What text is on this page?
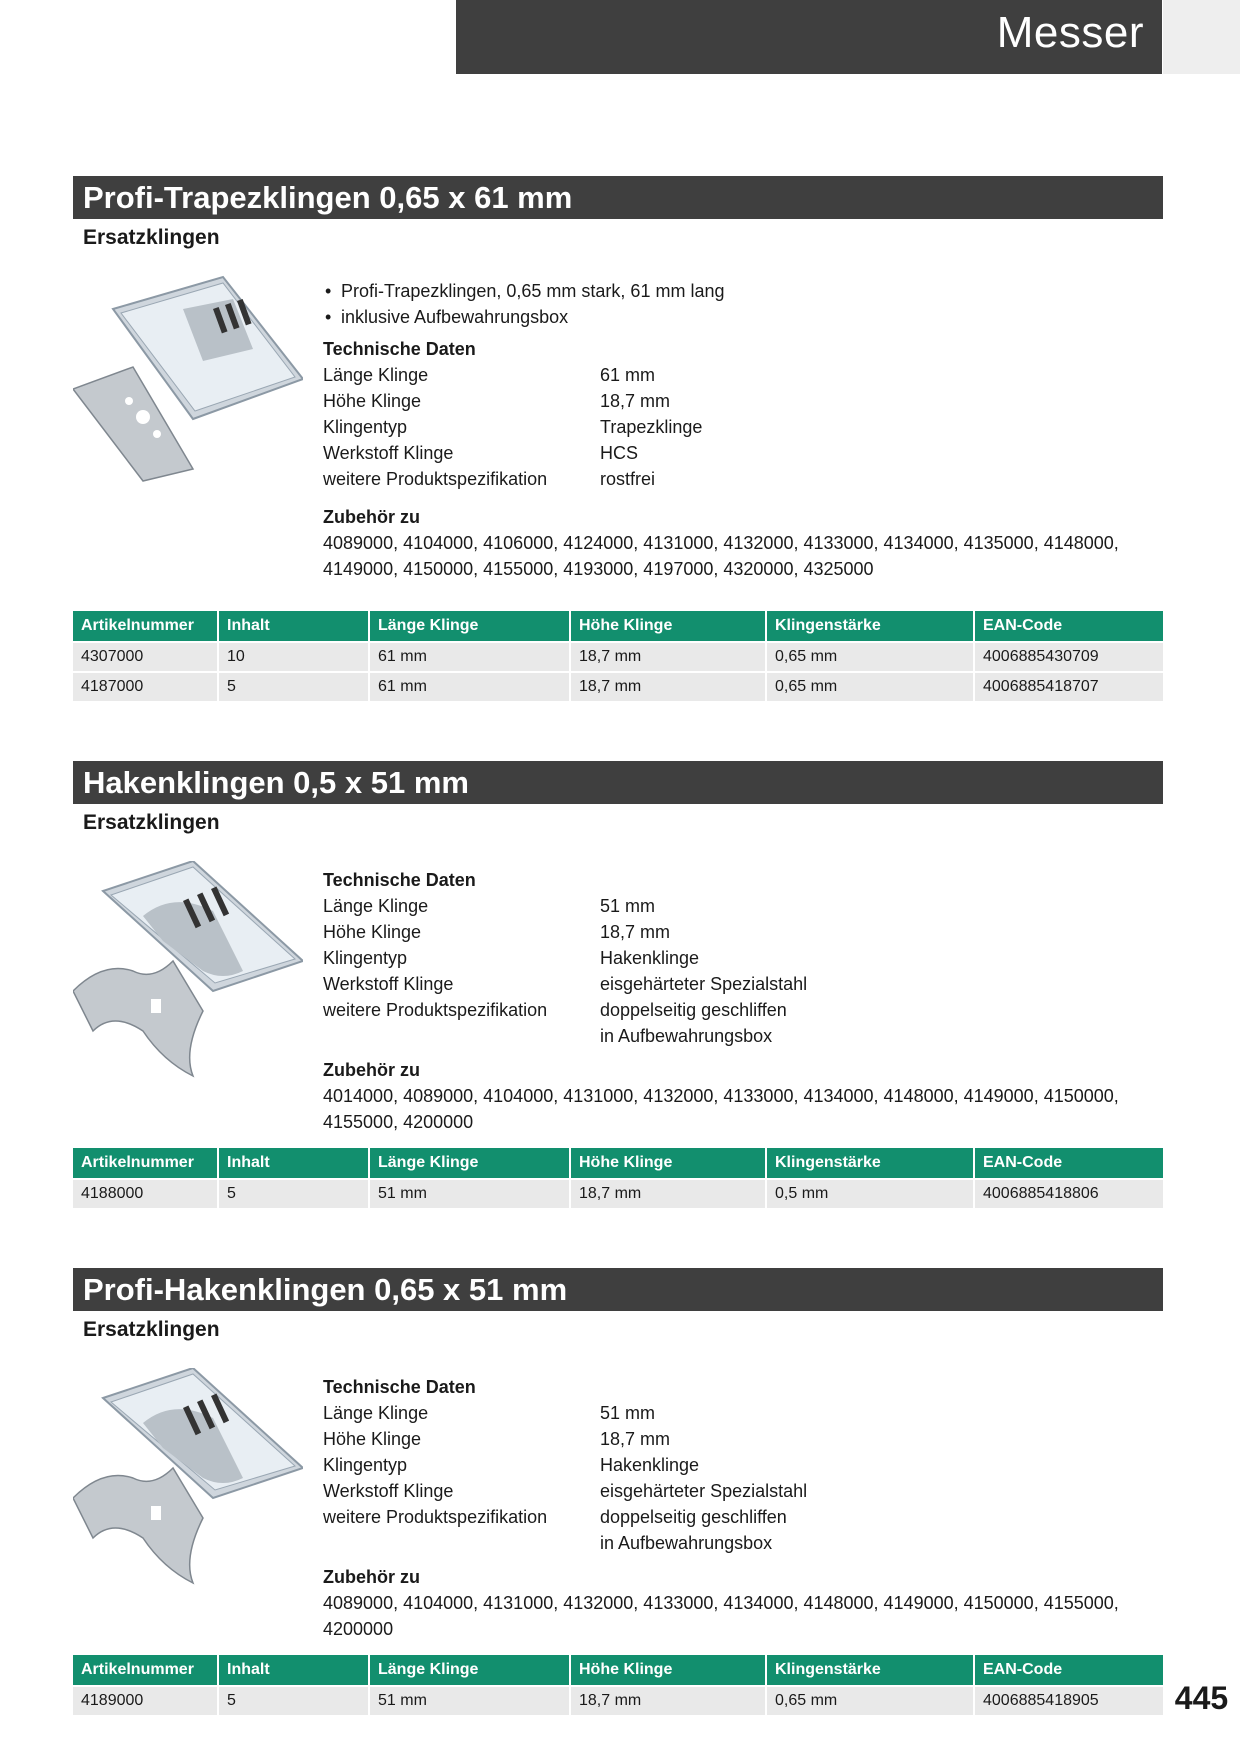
Messer
Profi-Trapezklingen 0,65 x 61 mm
Ersatzklingen
• Profi-Trapezklingen, 0,65 mm stark, 61 mm lang
• inklusive Aufbewahrungsbox
Technische Daten
Länge Klinge	61 mm
Höhe Klinge	18,7 mm
Klingentyp	Trapezklinge
Werkstoff Klinge	HCS
weitere Produktspezifikation	rostfrei
Zubehör zu
4089000, 4104000, 4106000, 4124000, 4131000, 4132000, 4133000, 4134000, 4135000, 4148000, 4149000, 4150000, 4155000, 4193000, 4197000, 4320000, 4325000
Artikelnummer	Inhalt	Länge Klinge	Höhe Klinge	Klingenstärke	EAN-Code
4307000	10	61 mm	18,7 mm	0,65 mm	4006885430709
4187000	5	61 mm	18,7 mm	0,65 mm	4006885418707
Hakenklingen 0,5 x 51 mm
Ersatzklingen
Technische Daten
Länge Klinge	51 mm
Höhe Klinge	18,7 mm
Klingentyp	Hakenklinge
Werkstoff Klinge	eisgehärteter Spezialstahl
weitere Produktspezifikation	doppelseitig geschliffen
in Aufbewahrungsbox
Zubehör zu
4014000, 4089000, 4104000, 4131000, 4132000, 4133000, 4134000, 4148000, 4149000, 4150000, 4155000, 4200000
Artikelnummer	Inhalt	Länge Klinge	Höhe Klinge	Klingenstärke	EAN-Code
4188000	5	51 mm	18,7 mm	0,5 mm	4006885418806
Profi-Hakenklingen 0,65 x 51 mm
Ersatzklingen
Technische Daten
Länge Klinge	51 mm
Höhe Klinge	18,7 mm
Klingentyp	Hakenklinge
Werkstoff Klinge	eisgehärteter Spezialstahl
weitere Produktspezifikation	doppelseitig geschliffen
in Aufbewahrungsbox
Zubehör zu
4089000, 4104000, 4131000, 4132000, 4133000, 4134000, 4148000, 4149000, 4150000, 4155000, 4200000
Artikelnummer	Inhalt	Länge Klinge	Höhe Klinge	Klingenstärke	EAN-Code
4189000	5	51 mm	18,7 mm	0,65 mm	4006885418905	445
